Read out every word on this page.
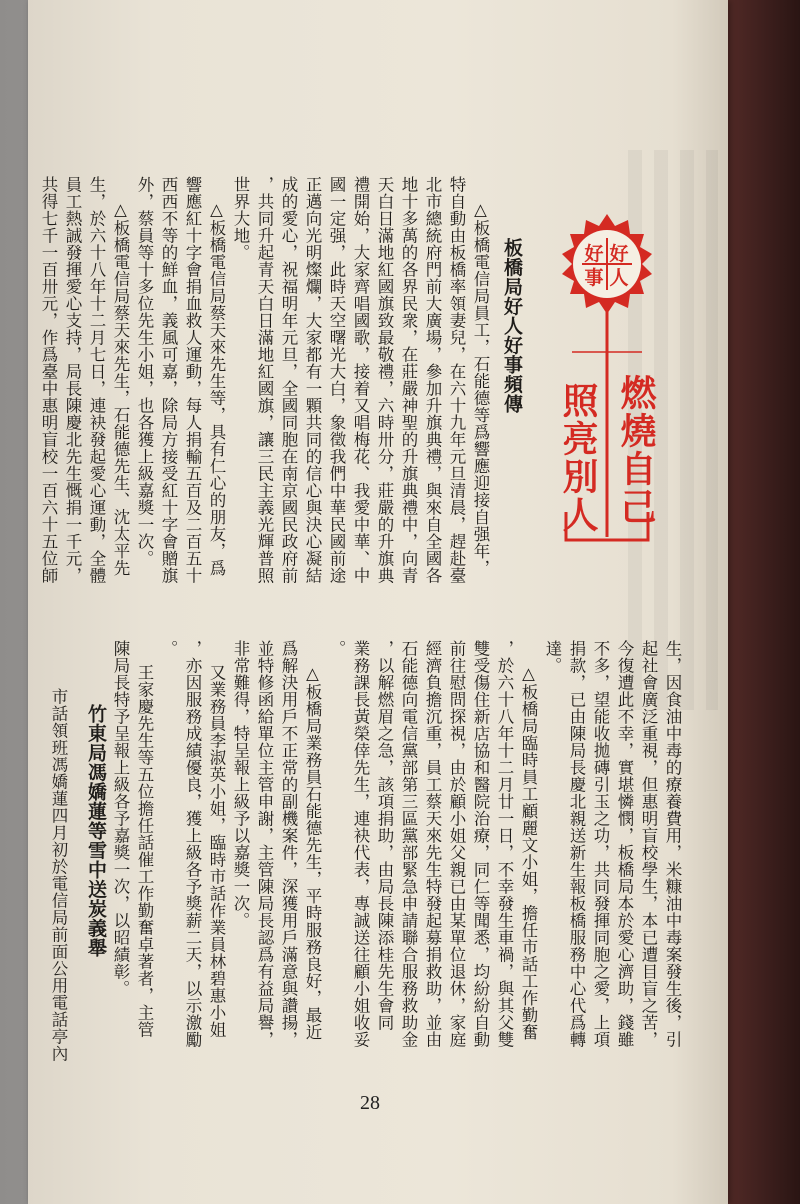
好
人
好
事
燃燒自己
照亮別人
板橋局好人好事頻傳
△板橋電信局員工，石能德等爲響應迎接自强年，
特自動由板橋率領妻兒，在六十九年元旦清晨，趕赴臺
北市總統府門前大廣場，參加升旗典禮，與來自全國各
地十多萬的各界民衆，在莊嚴神聖的升旗典禮中，向青
天白日滿地紅國旗致最敬禮，六時卅分，莊嚴的升旗典
禮開始，大家齊唱國歌，接着又唱梅花、我愛中華、中
國一定强，此時天空曙光大白，象徵我們中華民國前途
正邁向光明燦爛，大家都有一顆共同的信心與決心凝結
成的愛心，祝福明年元旦，全國同胞在南京國民政府前
，共同升起青天白日滿地紅國旗，讓三民主義光輝普照
世界大地。
△板橋電信局蔡天來先生等，具有仁心的朋友，爲
響應紅十字會捐血救人運動，每人捐輸五百及二百五十
西西不等的鮮血，義風可嘉，除局方接受紅十字會贈旗
外，蔡員等十多位先生小姐，也各獲上級嘉獎一次。
△板橋電信局蔡天來先生，石能德先生、沈太平先
生，於六十八年十二月七日，連袂發起愛心運動，全體
員工熱誠發揮愛心支持，局長陳慶北先生慨捐一千元，
共得七千一百卅元，作爲臺中惠明盲校一百六十五位師
生，因食油中毒的療養費用，米糠油中毒案發生後，引
起社會廣泛重視，但惠明盲校學生，本已遭目盲之苦，
今復遭此不幸，實堪憐憫，板橋局本於愛心濟助，錢雖
不多，望能收拋磚引玉之功，共同發揮同胞之愛，上項
捐款，已由陳局長慶北親送新生報板橋服務中心代爲轉
達。
△板橋局臨時員工顧麗文小姐，擔任市話工作勤奮
，於六十八年十二月廿一日，不幸發生車禍，與其父雙
雙受傷住新店協和醫院治療，同仁等聞悉，均紛紛自動
前往慰問探視，由於顧小姐父親已由某單位退休，家庭
經濟負擔沉重，員工蔡天來先生特發起募捐救助，並由
石能德向電信黨部第三區黨部緊急申請聯合服務救助金
，以解燃眉之急，該項捐助，由局長陳添桂先生會同
業務課長黃榮倖先生，連袂代表，專誠送往顧小姐收妥
。
△板橋局業務員石能德先生，平時服務良好，最近
爲解決用戶不正常的副機案件，深獲用戶滿意與讚揚，
並特修函給單位主管申謝，主管陳局長認爲有益局譽，
非常難得，特呈報上級予以嘉獎一次。
又業務員李淑英小姐，臨時市話作業員林碧惠小姐
，亦因服務成績優良，獲上級各予獎薪二天，以示激勵
。
王家慶先生等五位擔任話催工作勤奮卓著者，主管
陳局長特予呈報上級各予嘉獎一次，以昭績彰。
竹東局馮嬌蓮等雪中送炭義舉
市話領班馮嬌蓮四月初於電信局前面公用電話亭內
28
